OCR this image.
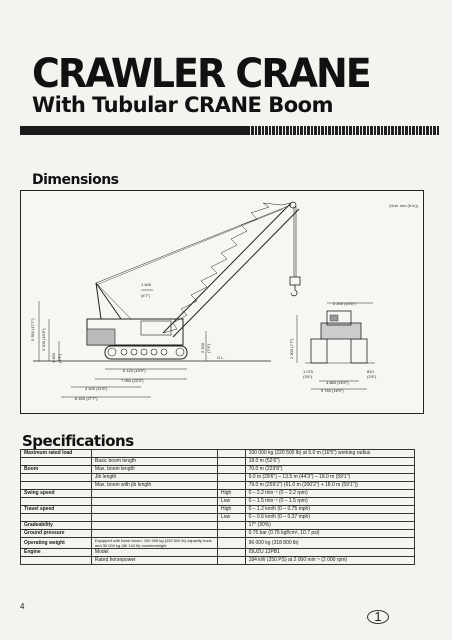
CRAWLER CRANE
With Tubular CRANE Boom
Dimensions
5 350 (17'7") 3 200 (10'6")
1 450 (4'9")
2 300 (7'6")
G.L.
1 400
(4'7")
6 120 (19'9")
7 050 (23'3")
3 400 (11'8")
8 400 (27'7")
2 300 (7'7")
3 200 (10'6")
1 070
(3'6")
810
(2'8")
4 880 (16'0")
5 760 (18'9")
(Unit: mm (ft in))
Specifications
Maximum rated load			100 000 kg (220 500 lb) at 5.0 m (16'5") working radius
	Basic boom length		18.0 m (52'6")
Boom	Max. boom length		70.0 m (229'8")
	Jib length		9.0 m (29'6") – 13.5 m (44'3") – 18.0 m (59'1")
	Max. boom with jib length		79.0 m (259'2") (61.0 m (200'2") + 18.0 m (59'1"))
Swing speed		High	0 – 2.2 min⁻¹ (0 – 2.2 rpm)
		Low	0 – 1.5 min⁻¹ (0 – 1.5 rpm)
Travel speed		High	0 – 1.2 km/h (0 – 0.75 mph)
		Low	0 – 0.6 km/h (0 – 0.37 mph)
Gradeability			17° (30%)
Ground pressure			0.75 bar (0.76 kgf/cm², 10.7 psi)
Operating weight	Equipped with basic boom, 100 000 kg (220 500 lb) capacity hook and 30 000 kg (66 140 lb) counterweight		96 000 kg (318 800 lb)
Engine	Model		ISUZU 12PB1
	Rated horsepower		184 kW (250 PS) at 2 000 min⁻¹ (2 000 rpm)
4
1
